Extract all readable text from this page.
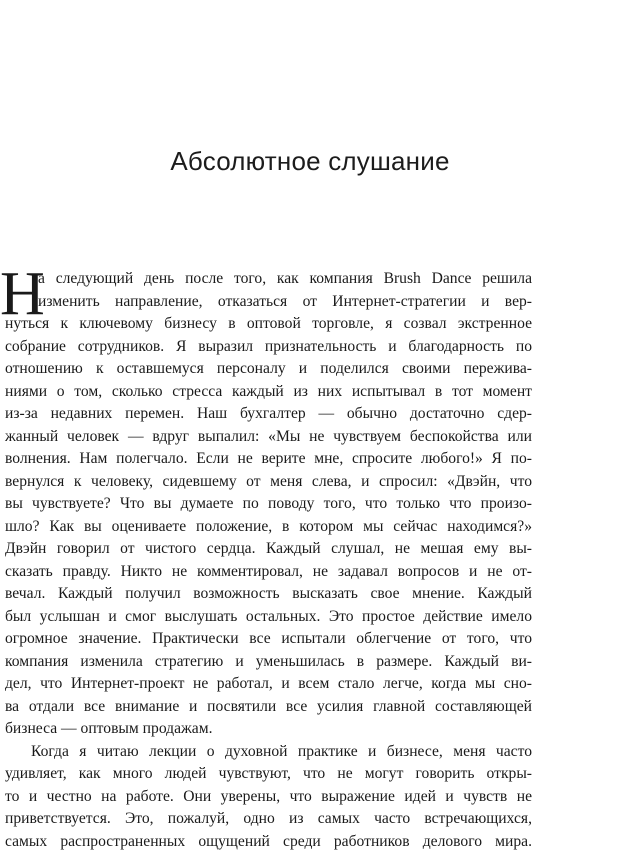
Абсолютное слушание
Н
а следующий день после того, как компания Brush Dance решила
изменить направление, отказаться от Интернет-стратегии и вер-
нуться к ключевому бизнесу в оптовой торговле, я созвал экстренное
собрание сотрудников. Я выразил признательность и благодарность по
отношению к оставшемуся персоналу и поделился своими пережива-
ниями о том, сколько стресса каждый из них испытывал в тот момент
из-за недавних перемен. Наш бухгалтер — обычно достаточно сдер-
жанный человек — вдруг выпалил: «Мы не чувствуем беспокойства или
волнения. Нам полегчало. Если не верите мне, спросите любого!» Я по-
вернулся к человеку, сидевшему от меня слева, и спросил: «Двэйн, что
вы чувствуете? Что вы думаете по поводу того, что только что произо-
шло? Как вы оцениваете положение, в котором мы сейчас находимся?»
Двэйн говорил от чистого сердца. Каждый слушал, не мешая ему вы-
сказать правду. Никто не комментировал, не задавал вопросов и не от-
вечал. Каждый получил возможность высказать свое мнение. Каждый
был услышан и смог выслушать остальных. Это простое действие имело
огромное значение. Практически все испытали облегчение от того, что
компания изменила стратегию и уменьшилась в размере. Каждый ви-
дел, что Интернет-проект не работал, и всем стало легче, когда мы сно-
ва отдали все внимание и посвятили все усилия главной составляющей
бизнеса — оптовым продажам.
Когда я читаю лекции о духовной практике и бизнесе, меня часто
удивляет, как много людей чувствуют, что не могут говорить откры-
то и честно на работе. Они уверены, что выражение идей и чувств не
приветствуется. Это, пожалуй, одно из самых часто встречающихся,
самых распространенных ощущений среди работников делового мира.
